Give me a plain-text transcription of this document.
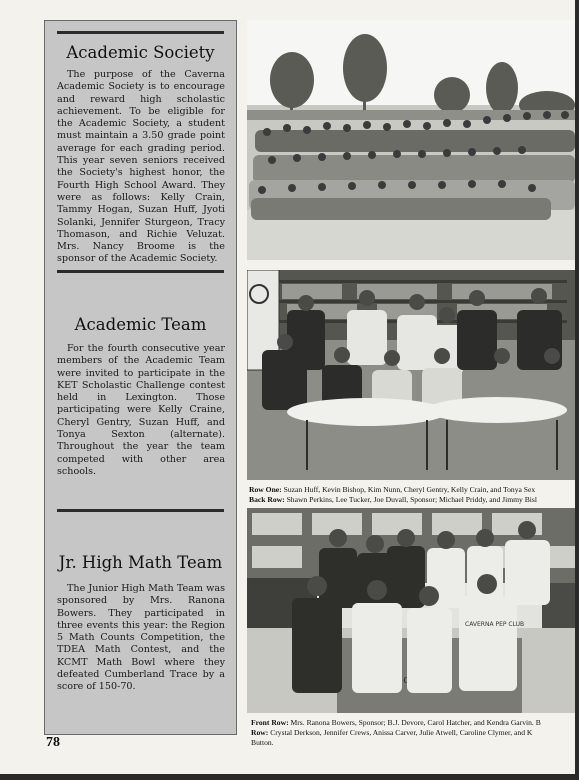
Academic Society
The purpose of the Caverna Academic Society is to encourage and reward high scholastic achievement. To be eligible for the Academic Society, a student must maintain a 3.50 grade point average for each grading period. This year seven seniors received the Society's highest honor, the Fourth High School Award. They were as follows: Kelly Crain, Tammy Hogan, Suzan Huff, Jyoti Solanki, Jennifer Sturgeon, Tracy Thomason, and Richie Veluzat. Mrs. Nancy Broome is the sponsor of the Academic Society.
Academic Team
For the fourth consecutive year members of the Academic Team were invited to participate in the KET Scholastic Challenge contest held in Lexington. Those participating were Kelly Craine, Cheryl Gentry, Suzan Huff, and Tonya Sexton (alternate). Throughout the year the team competed with other area schools.
Jr. High Math Team
The Junior High Math Team was sponsored by Mrs. Ranona Bowers. They participated in three events this year: the Region 5 Math Counts Competition, the TDEA Math Contest, and the KCMT Math Bowl where they defeated Cumberland Trace by a score of 150-70.
Row One: Suzan Huff, Kevin Bishop, Kim Nunn, Cheryl Gentry, Kelly Crain, and Tonya Sex
Back Row: Shawn Perkins, Lee Tucker, Joe Duvall, Sponsor; Michael Priddy, and Jimmy Bisl
CAVERNA PEP CLUB
Front Row: Mrs. Ranona Bowers, Sponsor; B.J. Devore, Carol Hatcher, and Kendra Garvin. B
Row: Crystal Derkson, Jennifer Crews, Anissa Carver, Julie Atwell, Caroline Clymer, and K
Button.
78
